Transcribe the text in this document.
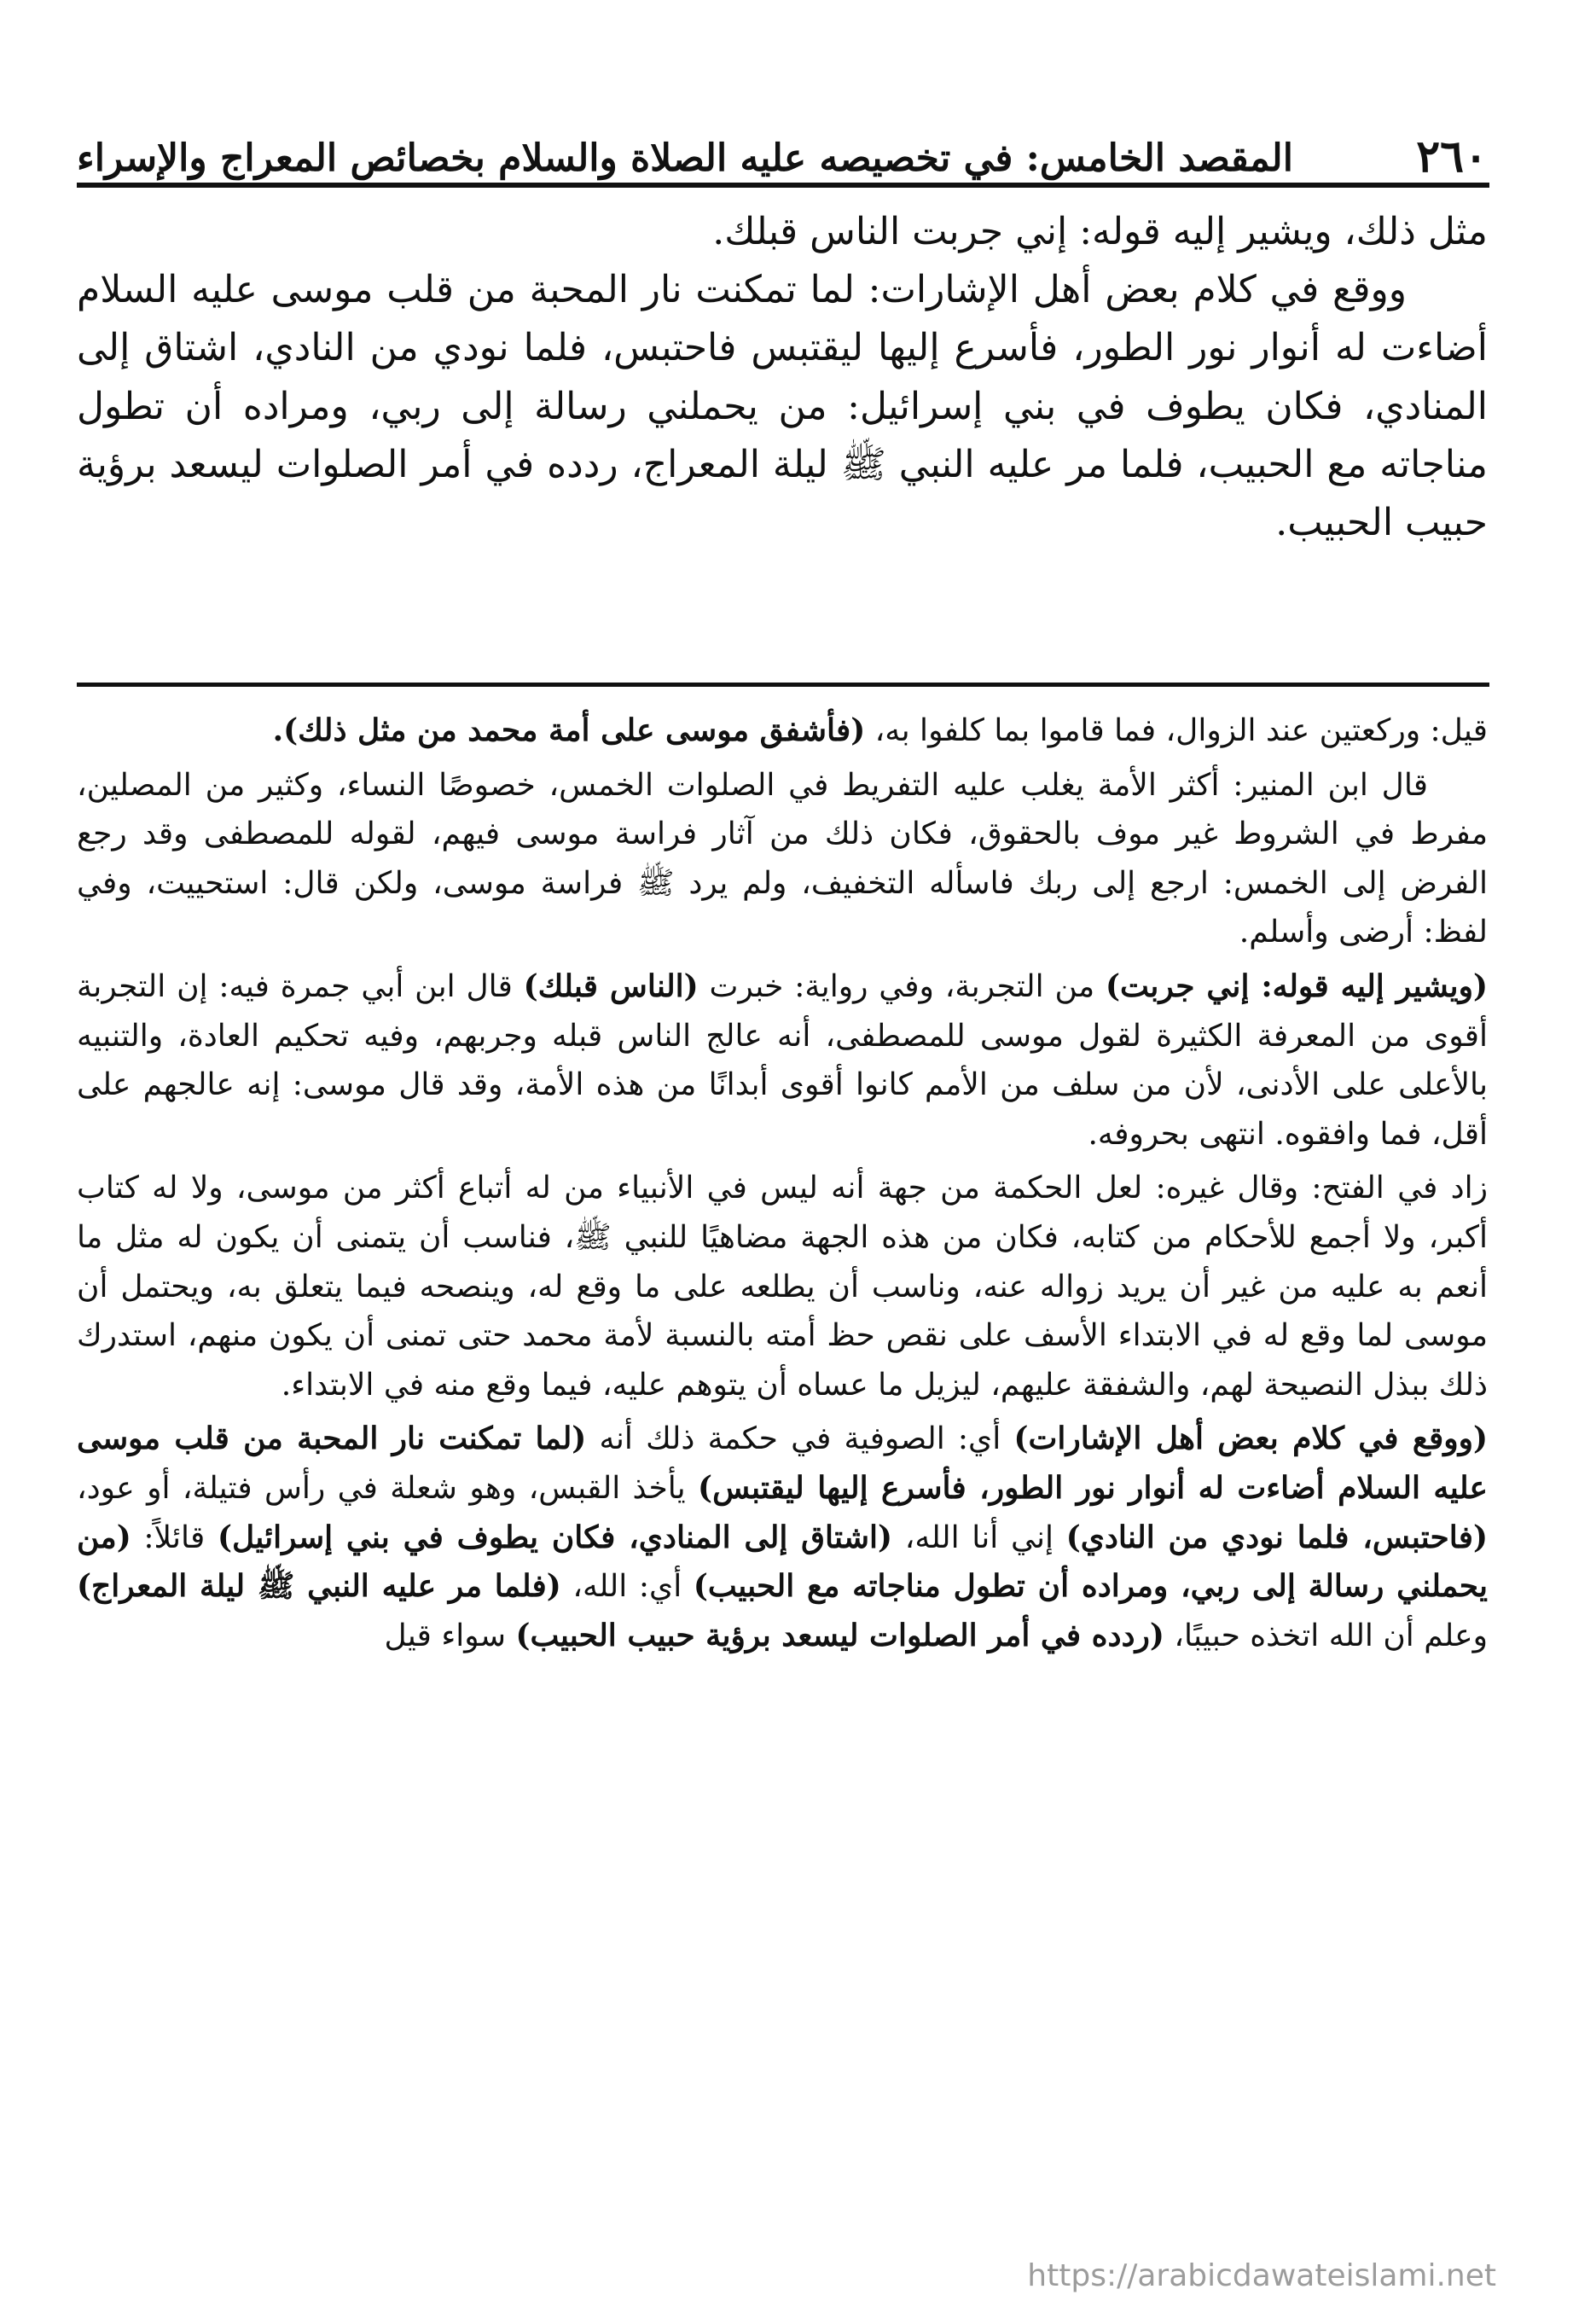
٢٦٠
المقصد الخامس: في تخصيصه عليه الصلاة والسلام بخصائص المعراج والإسراء

مثل ذلك، ويشير إليه قوله: إني جربت الناس قبلك.

ووقع في كلام بعض أهل الإشارات: لما تمكنت نار المحبة من قلب موسى عليه السلام أضاءت له أنوار نور الطور، فأسرع إليها ليقتبس فاحتبس، فلما نودي من النادي، اشتاق إلى المنادي، فكان يطوف في بني إسرائيل: من يحملني رسالة إلى ربي، ومراده أن تطول مناجاته مع الحبيب، فلما مر عليه النبي ﷺ ليلة المعراج، ردده في أمر الصلوات ليسعد برؤية حبيب الحبيب.

قيل: وركعتين عند الزوال، فما قاموا بما كلفوا به، (فأشفق موسى على أمة محمد من مثل ذلك).

قال ابن المنير: أكثر الأمة يغلب عليه التفريط في الصلوات الخمس، خصوصًا النساء، وكثير من المصلين، مفرط في الشروط غير موف بالحقوق، فكان ذلك من آثار فراسة موسى فيهم، لقوله للمصطفى وقد رجع الفرض إلى الخمس: ارجع إلى ربك فاسأله التخفيف، ولم يرد ﷺ فراسة موسى، ولكن قال: استحييت، وفي لفظ: أرضى وأسلم.

(ويشير إليه قوله: إني جربت) من التجربة، وفي رواية: خبرت (الناس قبلك) قال ابن أبي جمرة فيه: إن التجربة أقوى من المعرفة الكثيرة لقول موسى للمصطفى، أنه عالج الناس قبله وجربهم، وفيه تحكيم العادة، والتنبيه بالأعلى على الأدنى، لأن من سلف من الأمم كانوا أقوى أبدانًا من هذه الأمة، وقد قال موسى: إنه عالجهم على أقل، فما وافقوه. انتهى بحروفه.

زاد في الفتح: وقال غيره: لعل الحكمة من جهة أنه ليس في الأنبياء من له أتباع أكثر من موسى، ولا له كتاب أكبر، ولا أجمع للأحكام من كتابه، فكان من هذه الجهة مضاهيًا للنبي ﷺ، فناسب أن يتمنى أن يكون له مثل ما أنعم به عليه من غير أن يريد زواله عنه، وناسب أن يطلعه على ما وقع له، وينصحه فيما يتعلق به، ويحتمل أن موسى لما وقع له في الابتداء الأسف على نقص حظ أمته بالنسبة لأمة محمد حتى تمنى أن يكون منهم، استدرك ذلك ببذل النصيحة لهم، والشفقة عليهم، ليزيل ما عساه أن يتوهم عليه، فيما وقع منه في الابتداء.

(ووقع في كلام بعض أهل الإشارات) أي: الصوفية في حكمة ذلك أنه (لما تمكنت نار المحبة من قلب موسى عليه السلام أضاءت له أنوار نور الطور، فأسرع إليها ليقتبس) يأخذ القبس، وهو شعلة في رأس فتيلة، أو عود، (فاحتبس، فلما نودي من النادي) إني أنا الله، (اشتاق إلى المنادي، فكان يطوف في بني إسرائيل) قائلاً: (من يحملني رسالة إلى ربي، ومراده أن تطول مناجاته مع الحبيب) أي: الله، (فلما مر عليه النبي ﷺ ليلة المعراج) وعلم أن الله اتخذه حبيبًا، (ردده في أمر الصلوات ليسعد برؤية حبيب الحبيب) سواء قيل

https://arabicdawateislami.net
